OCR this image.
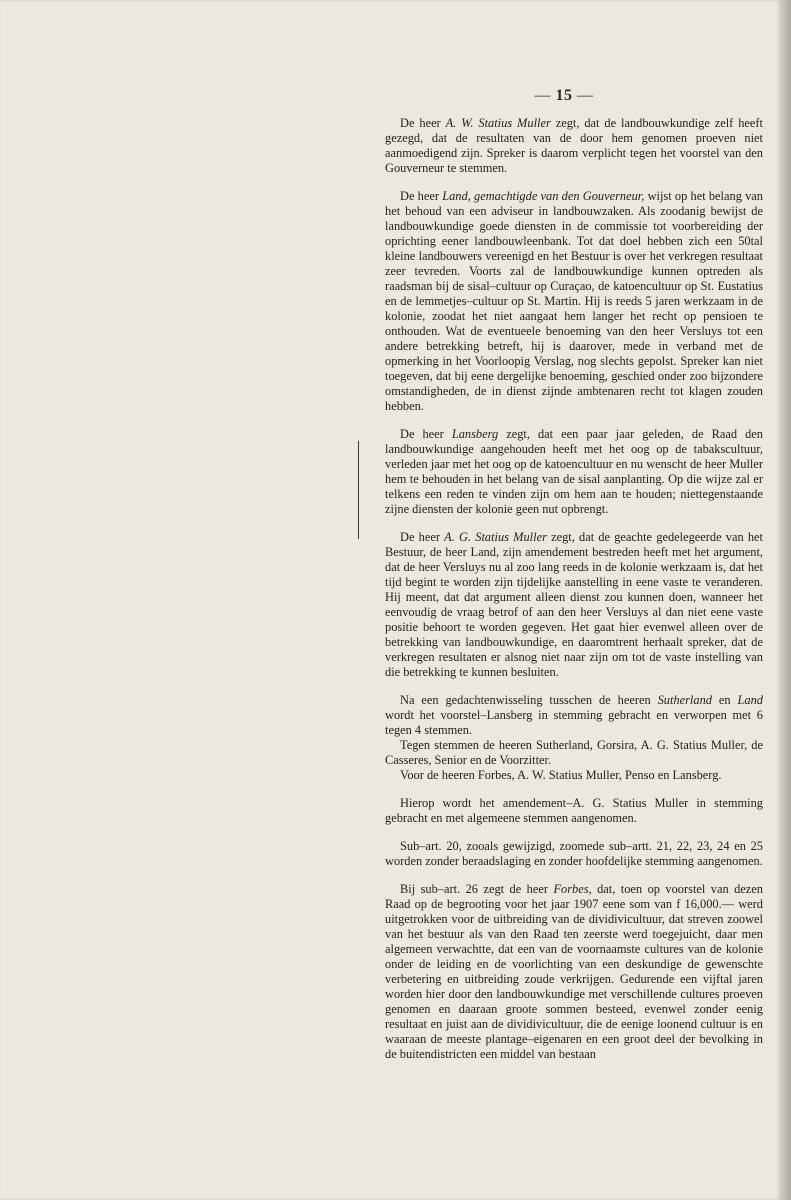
— 15 —

De heer A. W. Statius Muller zegt, dat de landbouwkundige zelf heeft gezegd, dat de resultaten van de door hem genomen proeven niet aanmoedigend zijn. Spreker is daarom verplicht tegen het voorstel van den Gouverneur te stemmen.

De heer Land, gemachtigde van den Gouverneur, wijst op het belang van het behoud van een adviseur in landbouwzaken. Als zoodanig bewijst de landbouwkundige goede diensten in de commissie tot voorbereiding der oprichting eener landbouwleenbank. Tot dat doel hebben zich een 50tal kleine landbouwers vereenigd en het Bestuur is over het verkregen resultaat zeer tevreden. Voorts zal de landbouwkundige kunnen optreden als raadsman bij de sisal–cultuur op Curaçao, de katoencultuur op St. Eustatius en de lemmetjes–cultuur op St. Martin. Hij is reeds 5 jaren werkzaam in de kolonie, zoodat het niet aangaat hem langer het recht op pensioen te onthouden. Wat de eventueele benoeming van den heer Versluys tot een andere betrekking betreft, hij is daarover, mede in verband met de opmerking in het Voorloopig Verslag, nog slechts gepolst. Spreker kan niet toegeven, dat bij eene dergelijke benoeming, geschied onder zoo bijzondere omstandigheden, de in dienst zijnde ambtenaren recht tot klagen zouden hebben.

De heer Lansberg zegt, dat een paar jaar geleden, de Raad den landbouwkundige aangehouden heeft met het oog op de tabakscultuur, verleden jaar met het oog op de katoencultuur en nu wenscht de heer Muller hem te behouden in het belang van de sisal aanplanting. Op die wijze zal er telkens een reden te vinden zijn om hem aan te houden; niettegenstaande zijne diensten der kolonie geen nut opbrengt.

De heer A. G. Statius Muller zegt, dat de geachte gedelegeerde van het Bestuur, de heer Land, zijn amendement bestreden heeft met het argument, dat de heer Versluys nu al zoo lang reeds in de kolonie werkzaam is, dat het tijd begint te worden zijn tijdelijke aanstelling in eene vaste te veranderen. Hij meent, dat dat argument alleen dienst zou kunnen doen, wanneer het eenvoudig de vraag betrof of aan den heer Versluys al dan niet eene vaste positie behoort te worden gegeven. Het gaat hier evenwel alleen over de betrekking van landbouwkundige, en daaromtrent herhaalt spreker, dat de verkregen resultaten er alsnog niet naar zijn om tot de vaste instelling van die betrekking te kunnen besluiten.

Na een gedachtenwisseling tusschen de heeren Sutherland en Land wordt het voorstel–Lansberg in stemming gebracht en verworpen met 6 tegen 4 stemmen.

Tegen stemmen de heeren Sutherland, Gorsira, A. G. Statius Muller, de Casseres, Senior en de Voorzitter.

Voor de heeren Forbes, A. W. Statius Muller, Penso en Lansberg.

Hierop wordt het amendement–A. G. Statius Muller in stemming gebracht en met algemeene stemmen aangenomen.

Sub–art. 20, zooals gewijzigd, zoomede sub–artt. 21, 22, 23, 24 en 25 worden zonder beraadslaging en zonder hoofdelijke stemming aangenomen.

Bij sub–art. 26 zegt de heer Forbes, dat, toen op voorstel van dezen Raad op de begrooting voor het jaar 1907 eene som van f 16,000.— werd uitgetrokken voor de uitbreiding van de dividivicultuur, dat streven zoowel van het bestuur als van den Raad ten zeerste werd toegejuicht, daar men algemeen verwachtte, dat een van de voornaamste cultures van de kolonie onder de leiding en de voorlichting van een deskundige de gewenschte verbetering en uitbreiding zoude verkrijgen. Gedurende een vijftal jaren worden hier door den landbouwkundige met verschillende cultures proeven genomen en daaraan groote sommen besteed, evenwel zonder eenig resultaat en juist aan de dividivicultuur, die de eenige loonend cultuur is en waaraan de meeste plantage–eigenaren en een groot deel der bevolking in de buitendistricten een middel van bestaan
